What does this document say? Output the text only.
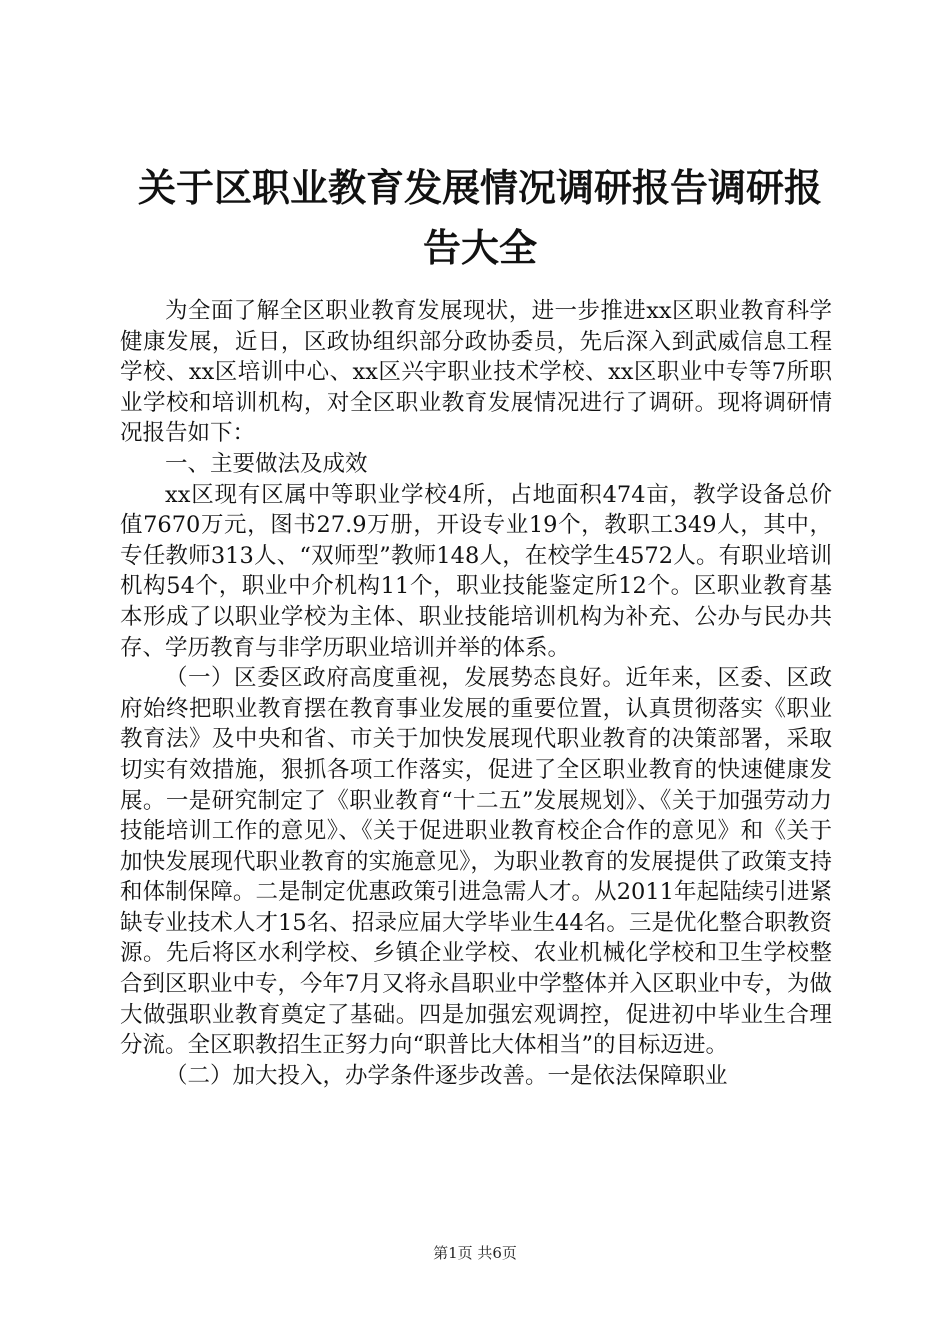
关于区职业教育发展情况调研报告调研报告大全

为全面了解全区职业教育发展现状，进一步推进xx区职业教育科学健康发展，近日，区政协组织部分政协委员，先后深入到武威信息工程学校、xx区培训中心、xx区兴宇职业技术学校、xx区职业中专等7所职业学校和培训机构，对全区职业教育发展情况进行了调研。现将调研情况报告如下：

一、主要做法及成效

xx区现有区属中等职业学校4所，占地面积474亩，教学设备总价值7670万元，图书27.9万册，开设专业19个，教职工349人，其中，专任教师313人、“双师型”教师148人，在校学生4572人。有职业培训机构54个，职业中介机构11个，职业技能鉴定所12个。区职业教育基本形成了以职业学校为主体、职业技能培训机构为补充、公办与民办共存、学历教育与非学历职业培训并举的体系。

（一）区委区政府高度重视，发展势态良好。近年来，区委、区政府始终把职业教育摆在教育事业发展的重要位置，认真贯彻落实《职业教育法》及中央和省、市关于加快发展现代职业教育的决策部署，采取切实有效措施，狠抓各项工作落实，促进了全区职业教育的快速健康发展。一是研究制定了《职业教育“十二五”发展规划》、《关于加强劳动力技能培训工作的意见》、《关于促进职业教育校企合作的意见》和《关于加快发展现代职业教育的实施意见》，为职业教育的发展提供了政策支持和体制保障。二是制定优惠政策引进急需人才。从2011年起陆续引进紧缺专业技术人才15名、招录应届大学毕业生44名。三是优化整合职教资源。先后将区水利学校、乡镇企业学校、农业机械化学校和卫生学校整合到区职业中专，今年7月又将永昌职业中学整体并入区职业中专，为做大做强职业教育奠定了基础。四是加强宏观调控，促进初中毕业生合理分流。全区职教招生正努力向“职普比大体相当”的目标迈进。

（二）加大投入，办学条件逐步改善。一是依法保障职业

第1页 共6页
